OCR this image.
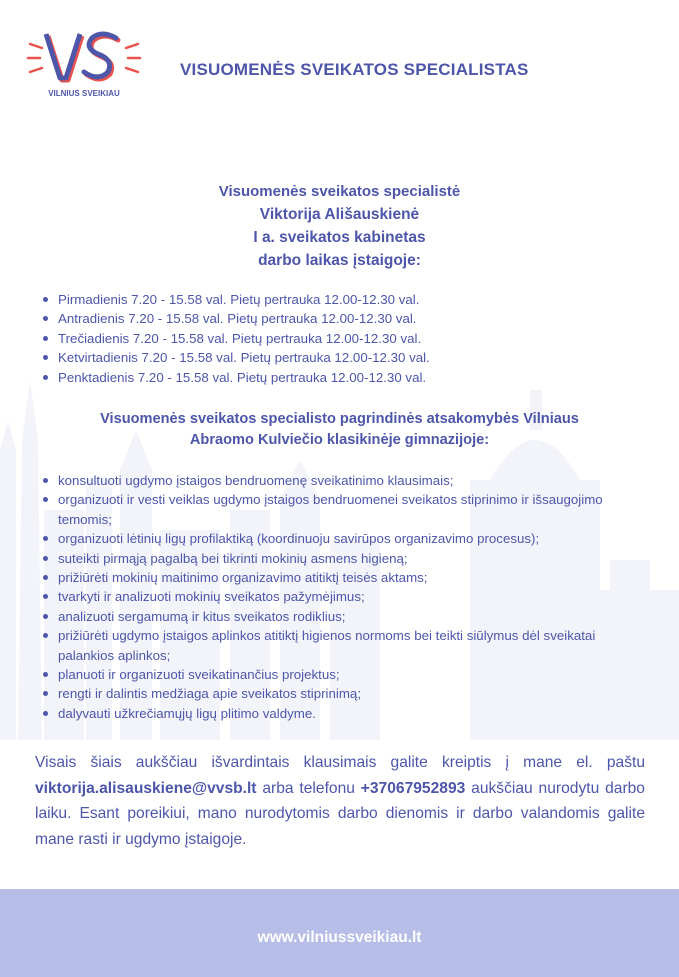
VILNIUS SVEIKIAU
VISUOMENĖS SVEIKATOS SPECIALISTAS
Visuomenės sveikatos specialistė
Viktorija Ališauskienė
I a. sveikatos kabinetas
darbo laikas įstaigoje:
Pirmadienis 7.20 - 15.58 val. Pietų pertrauka 12.00-12.30 val.
Antradienis 7.20 - 15.58 val. Pietų pertrauka 12.00-12.30 val.
Trečiadienis 7.20 - 15.58 val. Pietų pertrauka 12.00-12.30 val.
Ketvirtadienis 7.20 - 15.58 val. Pietų pertrauka 12.00-12.30 val.
Penktadienis 7.20 - 15.58 val. Pietų pertrauka 12.00-12.30 val.
Visuomenės sveikatos specialisto pagrindinės atsakomybės Vilniaus
Abraomo Kulviečio klasikinėje gimnazijoje:
konsultuoti ugdymo įstaigos bendruomenę sveikatinimo klausimais;
organizuoti ir vesti veiklas ugdymo įstaigos bendruomenei sveikatos stiprinimo ir išsaugojimo temomis;
organizuoti lėtinių ligų profilaktiką (koordinuoju savirūpos organizavimo procesus);
suteikti pirmąją pagalbą bei tikrinti mokinių asmens higieną;
prižiūrėti mokinių maitinimo organizavimo atitiktį teisės aktams;
tvarkyti ir analizuoti mokinių sveikatos pažymėjimus;
analizuoti sergamumą ir kitus sveikatos rodiklius;
prižiūrėti ugdymo įstaigos aplinkos atitiktį higienos normoms bei teikti siūlymus dėl sveikatai palankios aplinkos;
planuoti ir organizuoti sveikatinančius projektus;
rengti ir dalintis medžiaga apie sveikatos stiprinimą;
dalyvauti užkrečiamųjų ligų plitimo valdyme.
Visais šiais aukščiau išvardintais klausimais galite kreiptis į mane el. paštu viktorija.alisauskiene@vvsb.lt arba telefonu +37067952893 aukščiau nurodytu darbo laiku. Esant poreikiui, mano nurodytomis darbo dienomis ir darbo valandomis galite mane rasti ir ugdymo įstaigoje.
www.vilniussveikiau.lt
